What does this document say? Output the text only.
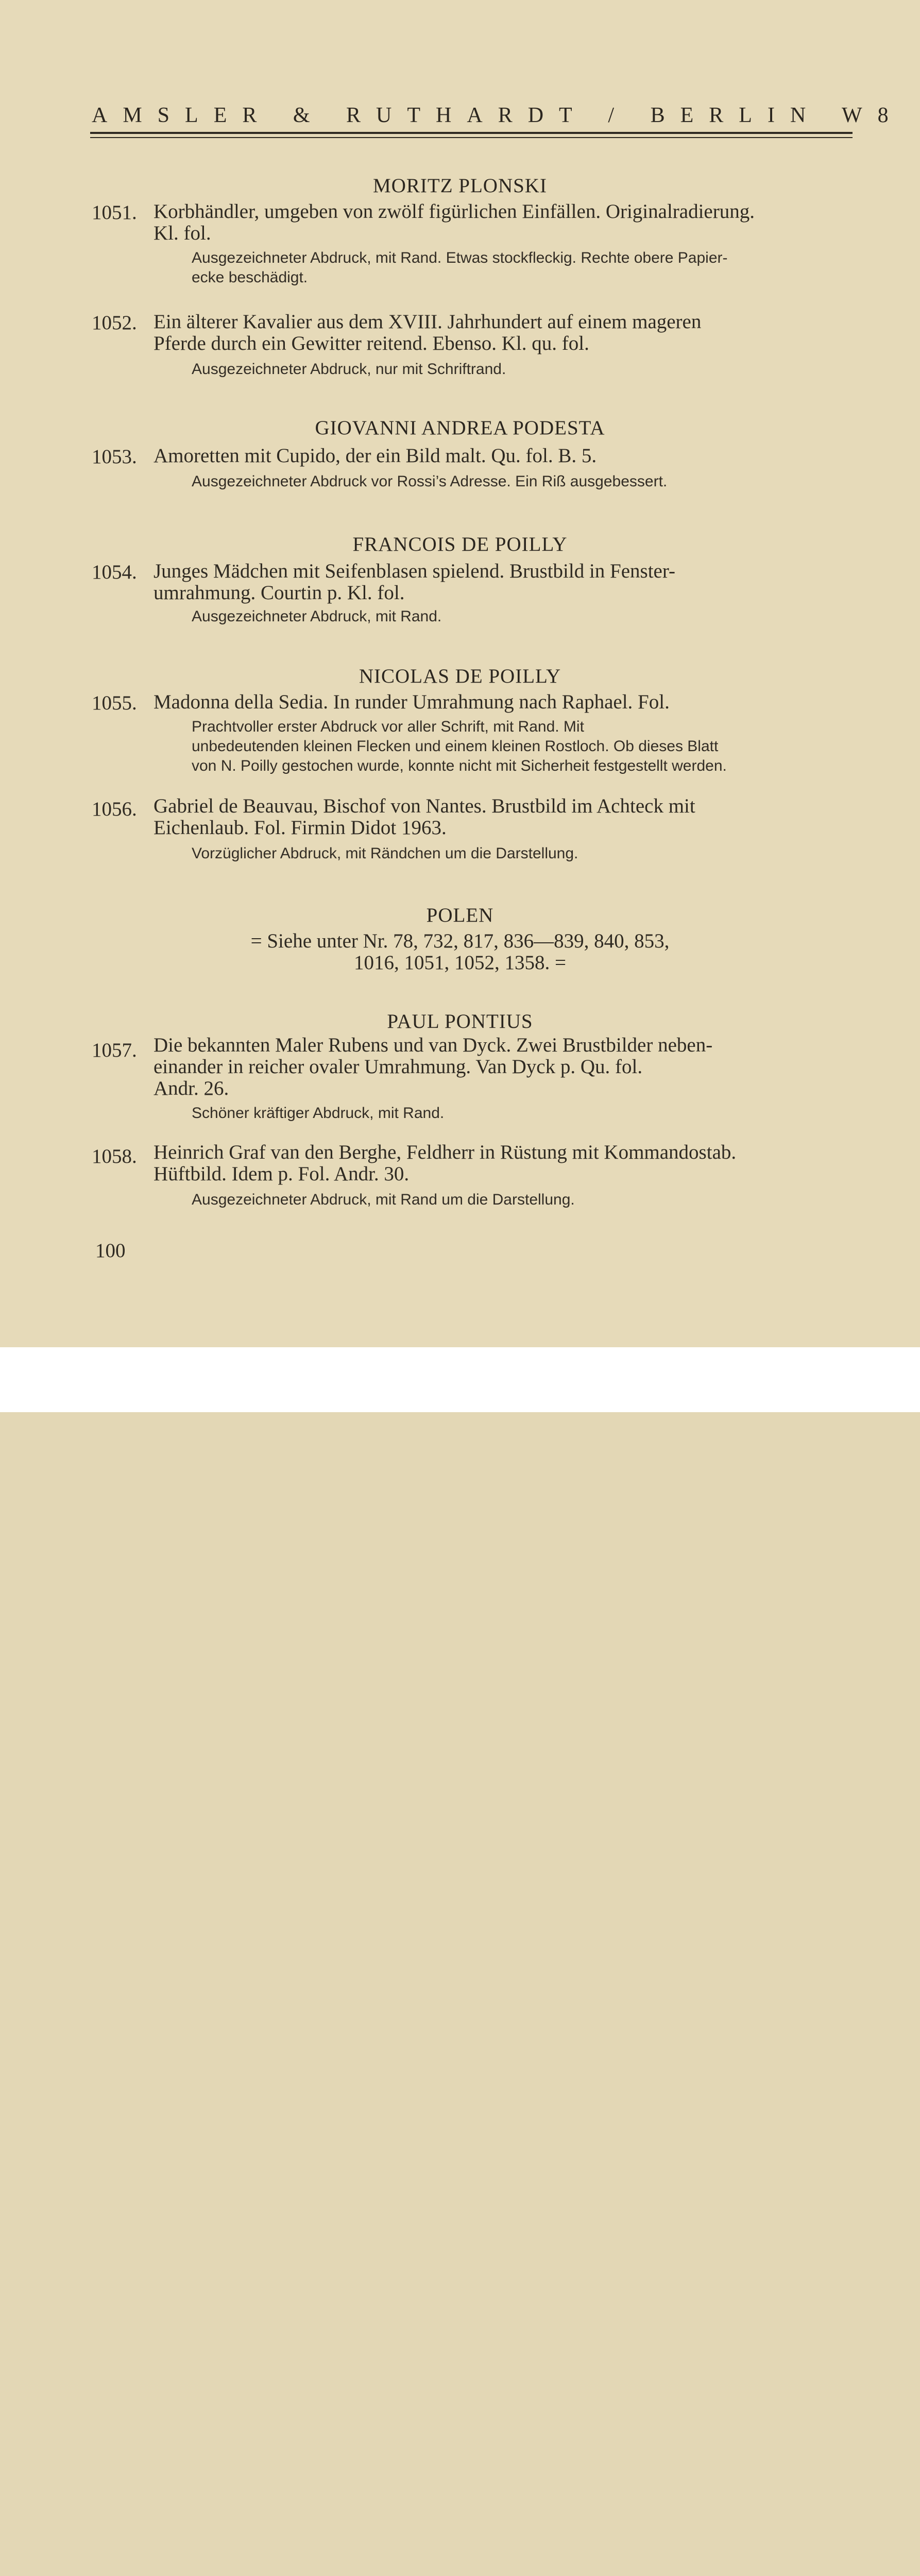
AMSLER & RUTHARDT / BERLIN W8
MORITZ PLONSKI
1051. Korbhändler, umgeben von zwölf figürlichen Einfällen. Originalradierung.
Kl. fol.
Ausgezeichneter Abdruck, mit Rand. Etwas stockfleckig. Rechte obere Papier-
ecke beschädigt.
1052. Ein älterer Kavalier aus dem XVIII. Jahrhundert auf einem mageren
Pferde durch ein Gewitter reitend. Ebenso. Kl. qu. fol.
Ausgezeichneter Abdruck, nur mit Schriftrand.
GIOVANNI ANDREA PODESTA
1053. Amoretten mit Cupido, der ein Bild malt. Qu. fol. B. 5.
Ausgezeichneter Abdruck vor Rossi’s Adresse. Ein Riß ausgebessert.
FRANCOIS DE POILLY
1054. Junges Mädchen mit Seifenblasen spielend. Brustbild in Fenster-
umrahmung. Courtin p. Kl. fol.
Ausgezeichneter Abdruck, mit Rand.
NICOLAS DE POILLY
1055. Madonna della Sedia. In runder Umrahmung nach Raphael. Fol.
Prachtvoller erster Abdruck vor aller Schrift, mit Rand. Mit
unbedeutenden kleinen Flecken und einem kleinen Rostloch. Ob dieses Blatt
von N. Poilly gestochen wurde, konnte nicht mit Sicherheit festgestellt werden.
1056. Gabriel de Beauvau, Bischof von Nantes. Brustbild im Achteck mit
Eichenlaub. Fol. Firmin Didot 1963.
Vorzüglicher Abdruck, mit Rändchen um die Darstellung.
POLEN
= Siehe unter Nr. 78, 732, 817, 836—839, 840, 853,
1016, 1051, 1052, 1358. =
PAUL PONTIUS
1057. Die bekannten Maler Rubens und van Dyck. Zwei Brustbilder neben-
einander in reicher ovaler Umrahmung. Van Dyck p. Qu. fol.
Andr. 26.
Schöner kräftiger Abdruck, mit Rand.
1058. Heinrich Graf van den Berghe, Feldherr in Rüstung mit Kommandostab.
Hüftbild. Idem p. Fol. Andr. 30.
Ausgezeichneter Abdruck, mit Rand um die Darstellung.
100
